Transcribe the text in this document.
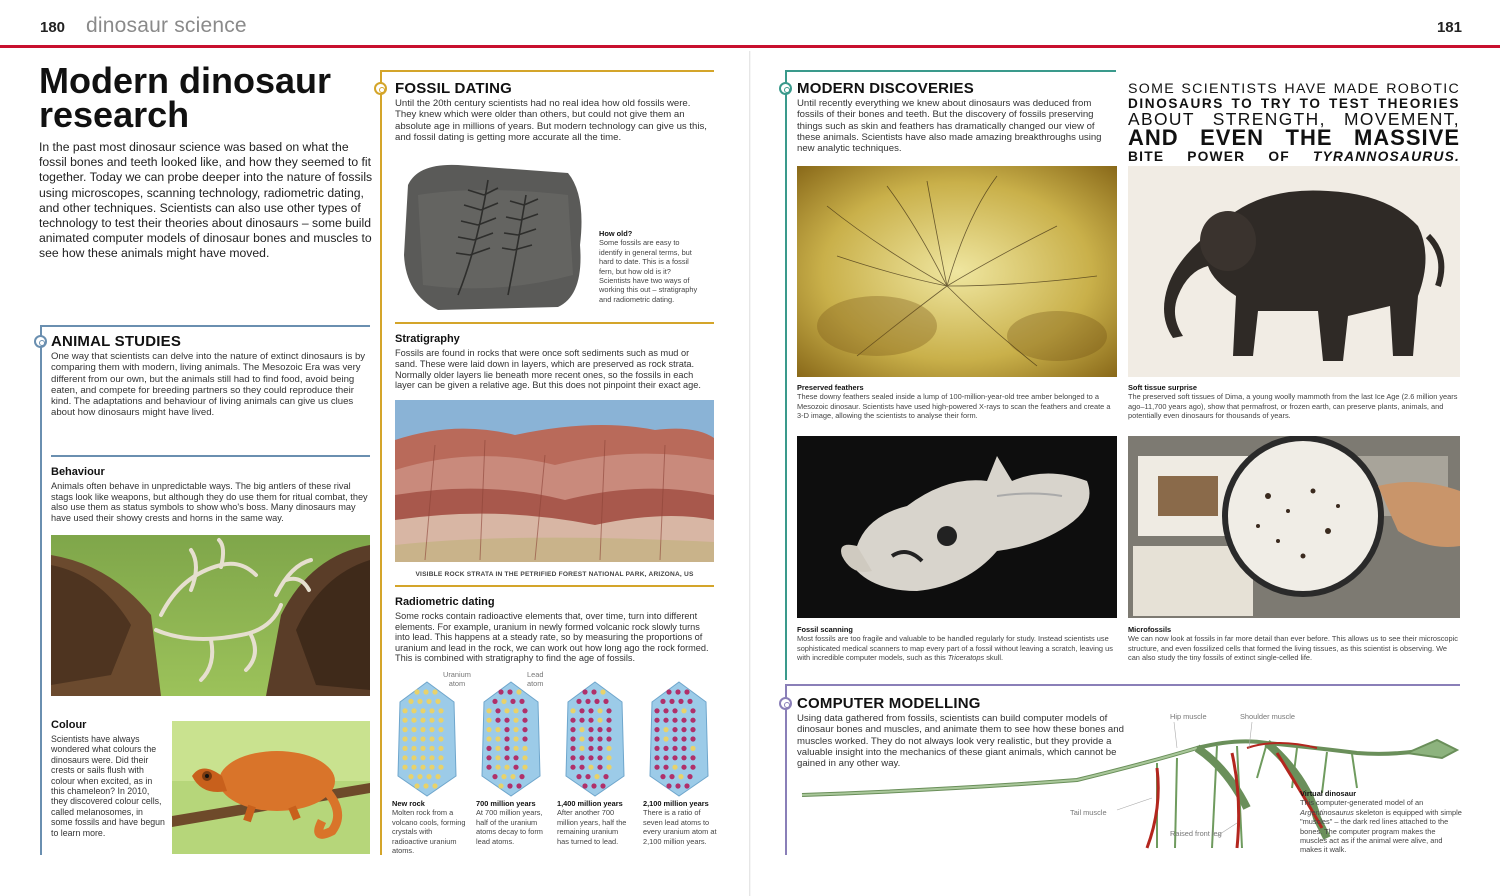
180 dinosaur science	181
Modern dinosaur
research
In the past most dinosaur science was based on what the fossil bones and teeth looked like, and how they seemed to fit together. Today we can probe deeper into the nature of fossils using microscopes, scanning technology, radiometric dating, and other techniques. Scientists can also use other types of technology to test their theories about dinosaurs – some build animated computer models of dinosaur bones and muscles to see how these animals might have moved.
ANIMAL STUDIES
One way that scientists can delve into the nature of extinct dinosaurs is by comparing them with modern, living animals. The Mesozoic Era was very different from our own, but the animals still had to find food, avoid being eaten, and compete for breeding partners so they could reproduce their kind. The adaptations and behaviour of living animals can give us clues about how dinosaurs might have lived.
Behaviour
Animals often behave in unpredictable ways. The big antlers of these rival stags look like weapons, but although they do use them for ritual combat, they also use them as status symbols to show who's boss. Many dinosaurs may have used their showy crests and horns in the same way.
Colour
Scientists have always wondered what colours the dinosaurs were. Did their crests or sails flush with colour when excited, as in this chameleon? In 2010, they discovered colour cells, called melanosomes, in some fossils and have begun to learn more.
FOSSIL DATING
Until the 20th century scientists had no real idea how old fossils were. They knew which were older than others, but could not give them an absolute age in millions of years. But modern technology can give us this, and fossil dating is getting more accurate all the time.
How old?
Some fossils are easy to identify in general terms, but hard to date. This is a fossil fern, but how old is it? Scientists have two ways of working this out – stratigraphy and radiometric dating.
Stratigraphy
Fossils are found in rocks that were once soft sediments such as mud or sand. These were laid down in layers, which are preserved as rock strata. Normally older layers lie beneath more recent ones, so the fossils in each layer can be given a relative age. But this does not pinpoint their exact age.
VISIBLE ROCK STRATA IN THE PETRIFIED FOREST NATIONAL PARK, ARIZONA, US
Radiometric dating
Some rocks contain radioactive elements that, over time, turn into different elements. For example, uranium in newly formed volcanic rock slowly turns into lead. This happens at a steady rate, so by measuring the proportions of uranium and lead in the rock, we can work out how long ago the rock formed. This is combined with stratigraphy to find the age of fossils.
Uranium
atom
Lead
atom
New rock
Molten rock from a volcano cools, forming crystals with radioactive uranium atoms.
700 million years
At 700 million years, half of the uranium atoms decay to form lead atoms.
1,400 million years
After another 700 million years, half the remaining uranium has turned to lead.
2,100 million years
There is a ratio of seven lead atoms to every uranium atom at 2,100 million years.
MODERN DISCOVERIES
Until recently everything we knew about dinosaurs was deduced from fossils of their bones and teeth. But the discovery of fossils preserving things such as skin and feathers has dramatically changed our view of these animals. Scientists have also made amazing breakthroughs using new analytic techniques.
SOME SCIENTISTS HAVE MADE ROBOTIC
DINOSAURS TO TRY TO TEST THEORIES
ABOUT STRENGTH, MOVEMENT,
AND EVEN THE MASSIVE
BITE POWER OF TYRANNOSAURUS.
Preserved feathers
These downy feathers sealed inside a lump of 100-million-year-old tree amber belonged to a Mesozoic dinosaur. Scientists have used high-powered X-rays to scan the feathers and create a 3-D image, allowing the scientists to analyse their form.
Soft tissue surprise
The preserved soft tissues of Dima, a young woolly mammoth from the last Ice Age (2.6 million years ago–11,700 years ago), show that permafrost, or frozen earth, can preserve plants, animals, and potentially even dinosaurs for thousands of years.
Fossil scanning
Most fossils are too fragile and valuable to be handled regularly for study. Instead scientists use sophisticated medical scanners to map every part of a fossil without leaving a scratch, leaving us with incredible computer models, such as this Triceratops skull.
Microfossils
We can now look at fossils in far more detail than ever before. This allows us to see their microscopic structure, and even fossilized cells that formed the living tissues, as this scientist is observing. We can also study the tiny fossils of extinct single-celled life.
COMPUTER MODELLING
Using data gathered from fossils, scientists can build computer models of dinosaur bones and muscles, and animate them to see how these bones and muscles worked. They do not always look very realistic, but they provide a valuable insight into the mechanics of these giant animals, which cannot be gained in any other way.
Hip muscle	Shoulder muscle
Tail muscle
Raised front leg
Virtual dinosaur
This computer-generated model of an Argentinosaurus skeleton is equipped with simple "muscles" – the dark red lines attached to the bones. The computer program makes the muscles act as if the animal were alive, and makes it walk.
